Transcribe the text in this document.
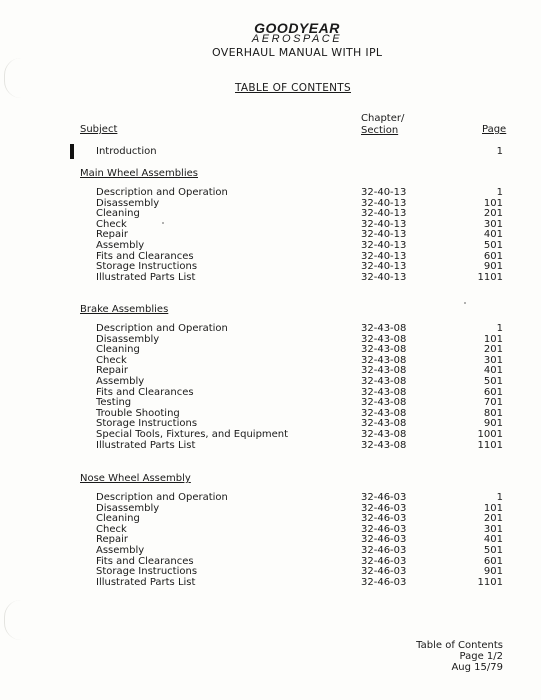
GOODYEAR
AEROSPACE
OVERHAUL MANUAL WITH IPL
TABLE OF CONTENTS
Subject
Chapter/
Section	Page
Introduction	1
Main Wheel Assemblies
Description and Operation	32-40-13	1
Disassembly	32-40-13	101
Cleaning	32-40-13	201
Check	32-40-13	301
Repair	32-40-13	401
Assembly	32-40-13	501
Fits and Clearances	32-40-13	601
Storage Instructions	32-40-13	901
Illustrated Parts List	32-40-13	1101
Brake Assemblies
Description and Operation	32-43-08	1
Disassembly	32-43-08	101
Cleaning	32-43-08	201
Check	32-43-08	301
Repair	32-43-08	401
Assembly	32-43-08	501
Fits and Clearances	32-43-08	601
Testing	32-43-08	701
Trouble Shooting	32-43-08	801
Storage Instructions	32-43-08	901
Special Tools, Fixtures, and Equipment	32-43-08	1001
Illustrated Parts List	32-43-08	1101
Nose Wheel Assembly
Description and Operation	32-46-03	1
Disassembly	32-46-03	101
Cleaning	32-46-03	201
Check	32-46-03	301
Repair	32-46-03	401
Assembly	32-46-03	501
Fits and Clearances	32-46-03	601
Storage Instructions	32-46-03	901
Illustrated Parts List	32-46-03	1101
Table of Contents
Page 1/2
Aug 15/79
